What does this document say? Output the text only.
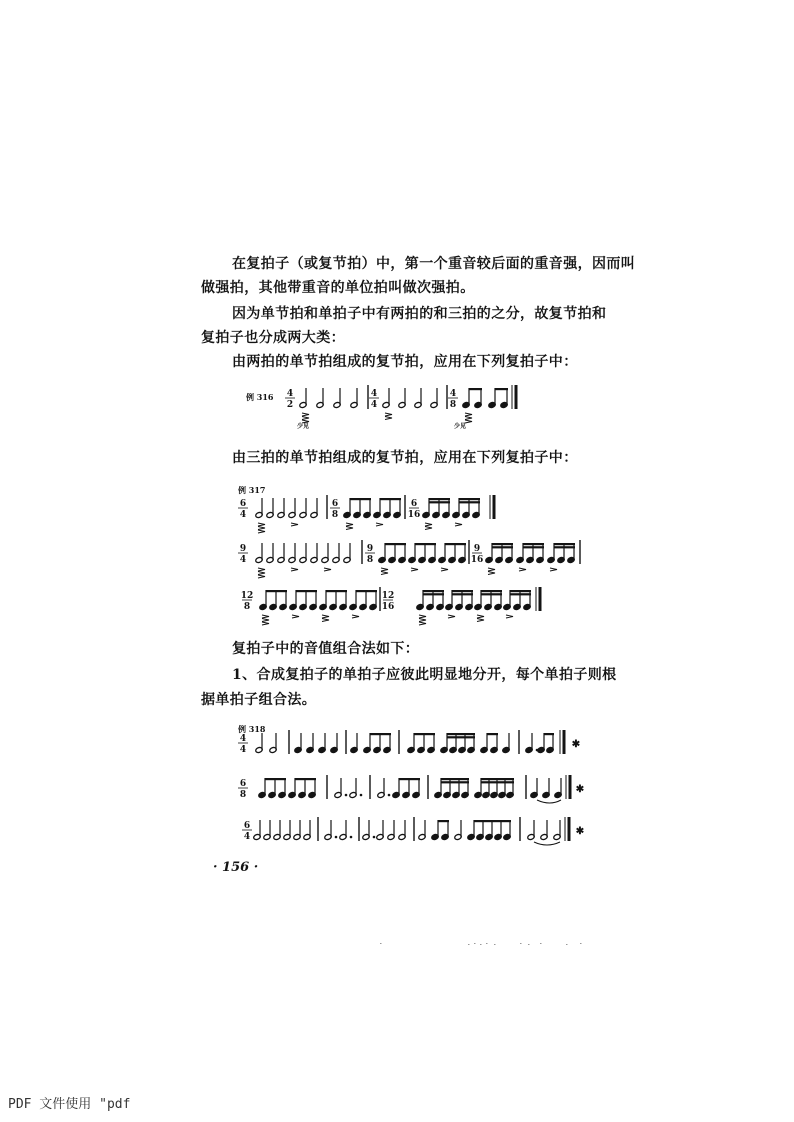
在复拍子（或复节拍）中，第一个重音较后面的重音强，因而叫
做强拍，其他带重音的单位拍叫做次强拍。
因为单节拍和单拍子中有两拍的和三拍的之分，故复节拍和
复拍子也分成两大类：
由两拍的单节拍组成的复节拍，应用在下列复拍子中：
例 316
少见	少见
由三拍的单节拍组成的复节拍，应用在下列复拍子中：
例 317
复拍子中的音值组合法如下：
1、合成复拍子的单拍子应彼此明显地分开，每个单拍子则根
据单拍子组合法。
例 318
· 156 ·
PDF 文件使用 "pdf
4
2
4
4
4
8
6
4
6
8
6
16
9
4
9
8
9
16
12
8
12
16
4
4	✱
6
8	✱
6
4	✱
